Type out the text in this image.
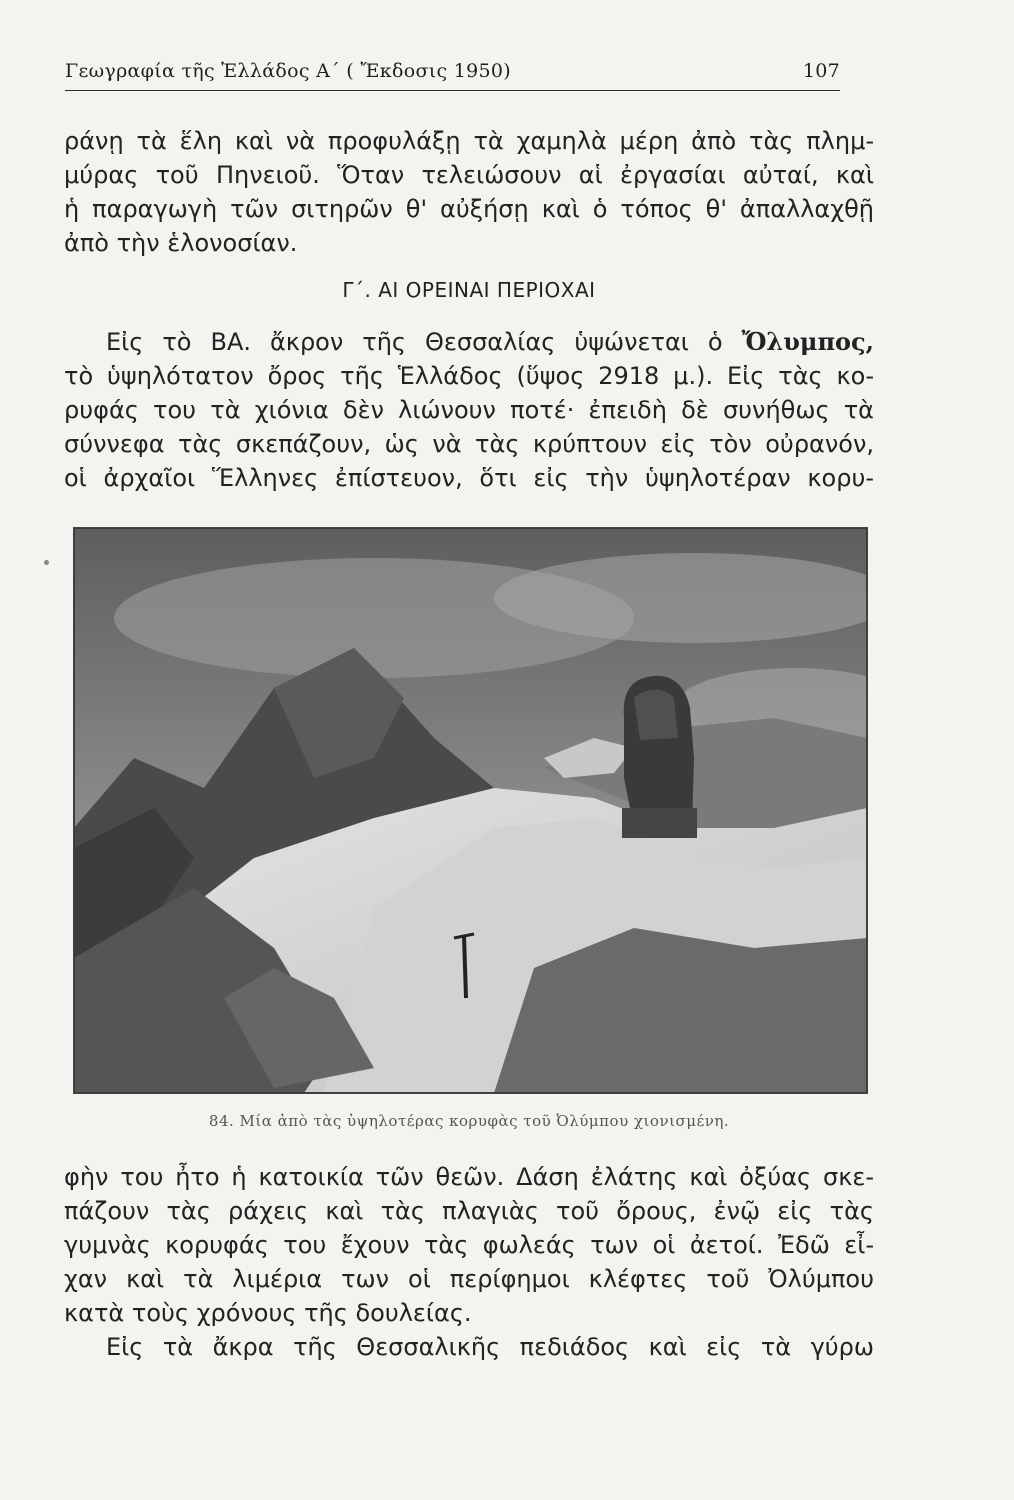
Γεωγραφία τῆς Ἑλλάδος Α΄ ( Ἔκδοσις 1950)	107

ράνῃ τὰ ἕλη καὶ νὰ προφυλάξῃ τὰ χαμηλὰ μέρη ἀπὸ τὰς πλημ-
μύρας τοῦ Πηνειοῦ. Ὅταν τελειώσουν αἱ ἐργασίαι αὐταί, καὶ
ἡ παραγωγὴ τῶν σιτηρῶν θ' αὐξήσῃ καὶ ὁ τόπος θ' ἀπαλλαχθῇ
ἀπὸ τὴν ἑλονοσίαν.

Γ΄. ΑΙ ΟΡΕΙΝΑΙ ΠΕΡΙΟΧΑΙ

Εἰς τὸ ΒΑ. ἄκρον τῆς Θεσσαλίας ὑψώνεται ὁ Ὄλυμπος,
τὸ ὑψηλότατον ὄρος τῆς Ἑλλάδος (ὕψος 2918 μ.). Εἰς τὰς κο-
ρυφάς του τὰ χιόνια δὲν λιώνουν ποτέ· ἐπειδὴ δὲ συνήθως τὰ
σύννεφα τὰς σκεπάζουν, ὡς νὰ τὰς κρύπτουν εἰς τὸν οὐρανόν,
οἱ ἀρχαῖοι Ἕλληνες ἐπίστευον, ὅτι εἰς τὴν ὑψηλοτέραν κορυ-

84. Μία ἀπὸ τὰς ὑψηλοτέρας κορυφὰς τοῦ Ὀλύμπου χιονισμένη.

φὴν του ἦτο ἡ κατοικία τῶν θεῶν. Δάση ἐλάτης καὶ ὀξύας σκε-
πάζουν τὰς ράχεις καὶ τὰς πλαγιὰς τοῦ ὄρους, ἐνῷ εἰς τὰς
γυμνὰς κορυφάς του ἔχουν τὰς φωλεάς των οἱ ἀετοί. Ἐδῶ εἶ-
χαν καὶ τὰ λιμέρια των οἱ περίφημοι κλέφτες τοῦ Ὀλύμπου
κατὰ τοὺς χρόνους τῆς δουλείας.

Εἰς τὰ ἄκρα τῆς Θεσσαλικῆς πεδιάδος καὶ εἰς τὰ γύρω
